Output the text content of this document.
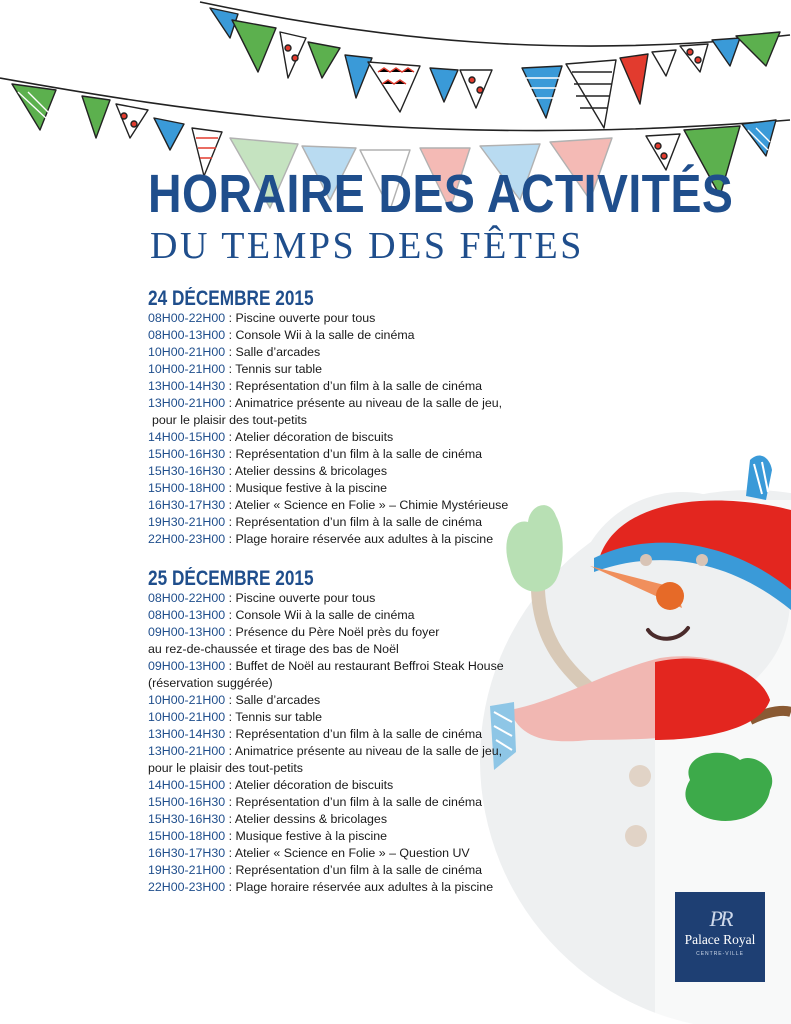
HORAIRE DES ACTIVITÉS
DU TEMPS DES FÊTES
24 DÉCEMBRE 2015
08H00-22H00 : Piscine ouverte pour tous
08H00-13H00 : Console Wii à la salle de cinéma
10H00-21H00 : Salle d’arcades
10H00-21H00 : Tennis sur table
13H00-14H30 : Représentation d’un film à la salle de cinéma
13H00-21H00 : Animatrice présente au niveau de la salle de jeu,
pour le plaisir des tout-petits
14H00-15H00 : Atelier décoration de biscuits
15H00-16H30 : Représentation d’un film à la salle de cinéma
15H30-16H30 : Atelier dessins & bricolages
15H00-18H00 : Musique festive à la piscine
16H30-17H30 : Atelier « Science en Folie » – Chimie Mystérieuse
19H30-21H00 : Représentation d’un film à la salle de cinéma
22H00-23H00 : Plage horaire réservée aux adultes à la piscine
25 DÉCEMBRE 2015
08H00-22H00 : Piscine ouverte pour tous
08H00-13H00 : Console Wii à la salle de cinéma
09H00-13H00 : Présence du Père Noël près du foyer
au rez-de-chaussée et tirage des bas de Noël
09H00-13H00 : Buffet de Noël au restaurant Beffroi Steak House
(réservation suggérée)
10H00-21H00 : Salle d’arcades
10H00-21H00 : Tennis sur table
13H00-14H30 : Représentation d’un film à la salle de cinéma
13H00-21H00 : Animatrice présente au niveau de la salle de jeu,
pour le plaisir des tout-petits
14H00-15H00 : Atelier décoration de biscuits
15H00-16H30 : Représentation d’un film à la salle de cinéma
15H30-16H30 : Atelier dessins & bricolages
15H00-18H00 : Musique festive à la piscine
16H30-17H30 : Atelier « Science en Folie » – Question UV
19H30-21H00 : Représentation d’un film à la salle de cinéma
22H00-23H00 : Plage horaire réservée aux adultes à la piscine
PR
Palace Royal
CENTRE-VILLE
